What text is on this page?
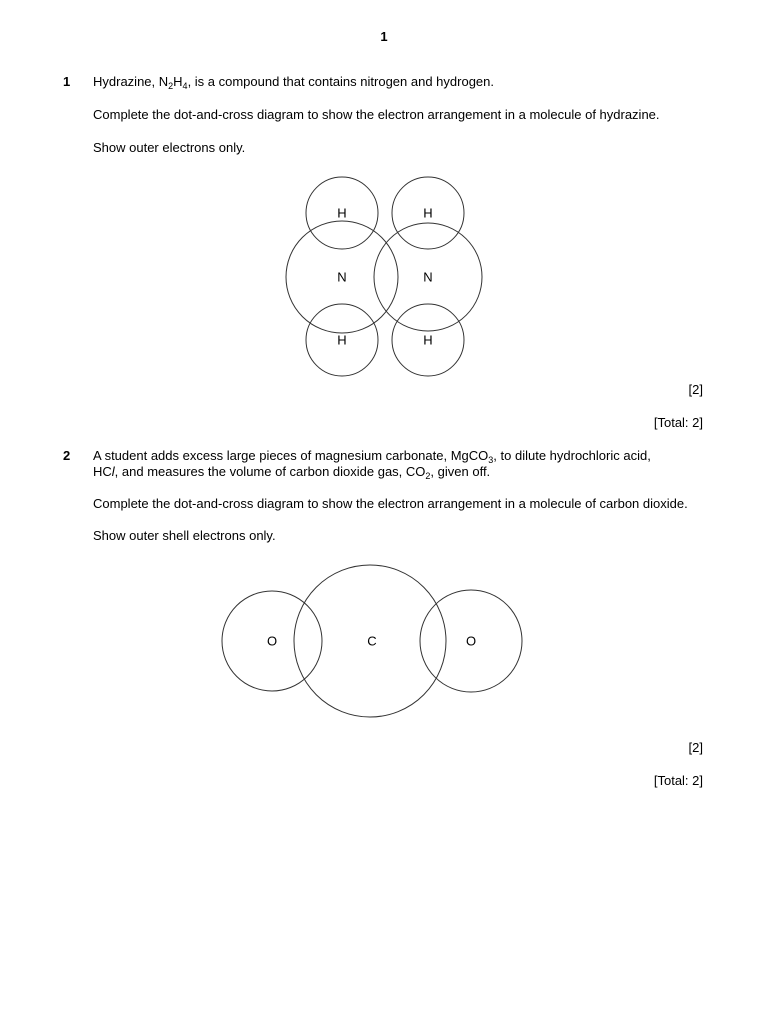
1
1 Hydrazine, $N_2H_4$, is a compound that contains nitrogen and hydrogen.
Complete the dot-and-cross diagram to show the electron arrangement in a molecule of hydrazine.
Show outer electrons only.
H	H
N	N
H	H
O	C	O
[2]
[Total: 2]
2 A student adds excess large pieces of magnesium carbonate, MgCO$_3$, to dilute hydrochloric acid,
HCl, and measures the volume of carbon dioxide gas, $CO_2$, given off.
Complete the dot-and-cross diagram to show the electron arrangement in a molecule of carbon dioxide.
Show outer shell electrons only.
[2]
[Total: 2]
